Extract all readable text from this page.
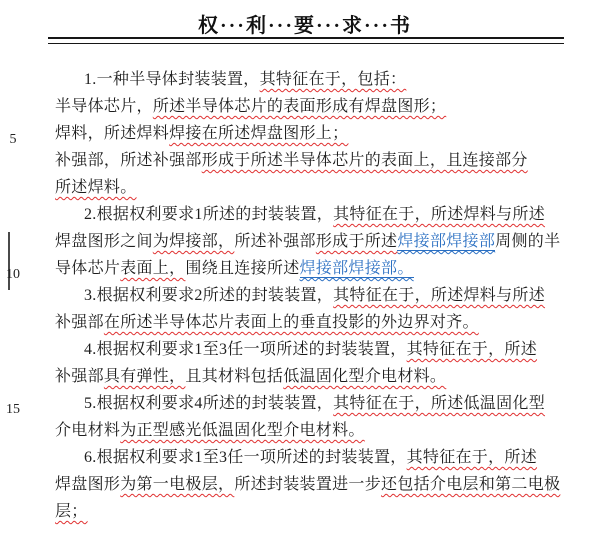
权···利···要···求···书
1.一种半导体封装装置，其特征在于，包括：
半导体芯片，所述半导体芯片的表面形成有焊盘图形；
焊料，所述焊料焊接在所述焊盘图形上；
补强部，所述补强部形成于所述半导体芯片的表面上，且连接部分
所述焊料。
2.根据权利要求1所述的封装装置，其特征在于，所述焊料与所述
焊盘图形之间为焊接部，所述补强部形成于所述焊接部焊接部周侧的半
导体芯片表面上，围绕且连接所述焊接部焊接部。
3.根据权利要求2所述的封装装置，其特征在于，所述焊料与所述
补强部在所述半导体芯片表面上的垂直投影的外边界对齐。
4.根据权利要求1至3任一项所述的封装装置，其特征在于，所述
补强部具有弹性，且其材料包括低温固化型介电材料。
5.根据权利要求4所述的封装装置，其特征在于，所述低温固化型
介电材料为正型感光低温固化型介电材料。
6.根据权利要求1至3任一项所述的封装装置，其特征在于，所述
焊盘图形为第一电极层，所述封装装置进一步还包括介电层和第二电极
层；
5
10
15
